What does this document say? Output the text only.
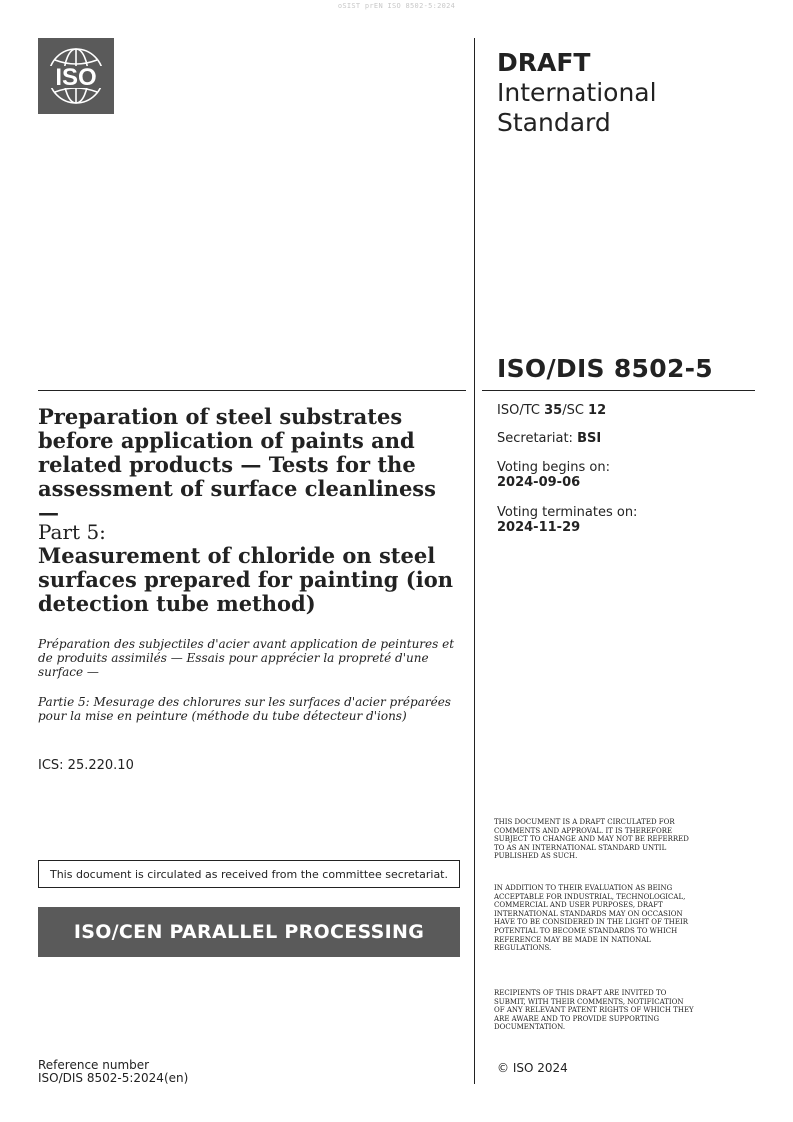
oSIST prEN ISO 8502-5:2024
ISO
DRAFT
International
Standard
ISO/DIS 8502-5
ISO/TC 35/SC 12
Secretariat: BSI
Voting begins on:
2024-09-06
Voting terminates on:
2024-11-29
Preparation of steel substrates before application of paints and related products — Tests for the assessment of surface cleanliness —
Part 5:
Measurement of chloride on steel surfaces prepared for painting (ion detection tube method)
Préparation des subjectiles d'acier avant application de peintures et de produits assimilés — Essais pour apprécier la propreté d'une surface —
Partie 5: Mesurage des chlorures sur les surfaces d'acier préparées pour la mise en peinture (méthode du tube détecteur d'ions)
ICS: 25.220.10
This document is circulated as received from the committee secretariat.
ISO/CEN PARALLEL PROCESSING
Reference number
ISO/DIS 8502-5:2024(en)
THIS DOCUMENT IS A DRAFT CIRCULATED FOR COMMENTS AND APPROVAL. IT IS THEREFORE SUBJECT TO CHANGE AND MAY NOT BE REFERRED TO AS AN INTERNATIONAL STANDARD UNTIL PUBLISHED AS SUCH.
IN ADDITION TO THEIR EVALUATION AS BEING ACCEPTABLE FOR INDUSTRIAL, TECHNOLOGICAL, COMMERCIAL AND USER PURPOSES, DRAFT INTERNATIONAL STANDARDS MAY ON OCCASION HAVE TO BE CONSIDERED IN THE LIGHT OF THEIR POTENTIAL TO BECOME STANDARDS TO WHICH REFERENCE MAY BE MADE IN NATIONAL REGULATIONS.
RECIPIENTS OF THIS DRAFT ARE INVITED TO SUBMIT, WITH THEIR COMMENTS, NOTIFICATION OF ANY RELEVANT PATENT RIGHTS OF WHICH THEY ARE AWARE AND TO PROVIDE SUPPORTING DOCUMENTATION.
© ISO 2024
